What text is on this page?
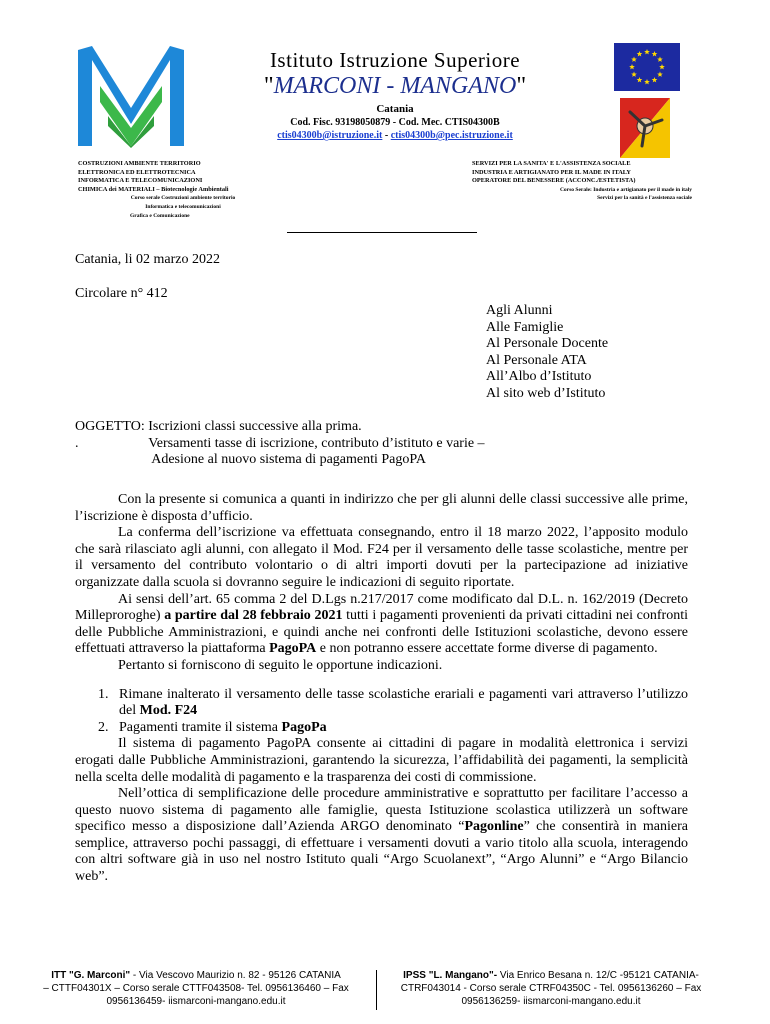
Istituto Istruzione Superiore
"MARCONI - MANGANO"
Catania
Cod. Fisc. 93198050879 - Cod. Mec. CTIS04300B
ctis04300b@istruzione.it - ctis04300b@pec.istruzione.it
COSTRUZIONI AMBIENTE TERRITORIO
ELETTRONICA ED ELETTROTECNICA
INFORMATICA E TELECOMUNICAZIONI
CHIMICA dei MATERIALI – Biotecnologie Ambientali
Corso serale Costruzioni ambiente territorio
Informatica e telecomunicazioni
Grafica e Comunicazione
SERVIZI PER LA SANITA' E L'ASSISTENZA SOCIALE
INDUSTRIA E ARTIGIANATO PER IL MADE IN ITALY
OPERATORE DEL BENESSERE (ACCONC./ESTETISTA)
Corso Serale: Industria e artigianato per il made in italy
Servizi per la sanità e l'assistenza sociale
Catania, li 02 marzo 2022
Circolare n° 412
Agli Alunni
Alle Famiglie
Al Personale Docente
Al Personale ATA
All’Albo d’Istituto
Al sito web d’Istituto
OGGETTO: Iscrizioni classi successive alla prima.
.                    Versamenti tasse di iscrizione, contributo d’istituto e varie –
Adesione al nuovo sistema di pagamenti PagoPA

Con la presente si comunica a quanti in indirizzo che per gli alunni delle classi successive alle prime, l’iscrizione è disposta d’ufficio.

La conferma dell’iscrizione va effettuata consegnando, entro il 18 marzo 2022, l’apposito modulo che sarà rilasciato agli alunni, con allegato il Mod. F24 per il versamento delle tasse scolastiche, mentre per il versamento del contributo volontario o di altri importi dovuti per la partecipazione ad iniziative organizzate dalla scuola si dovranno seguire le indicazioni di seguito riportate.

Ai sensi dell’art. 65 comma 2 del D.Lgs n.217/2017 come modificato dal D.L. n. 162/2019 (Decreto Milleproroghe) a partire dal 28 febbraio 2021 tutti i pagamenti provenienti da privati cittadini nei confronti delle Pubbliche Amministrazioni, e quindi anche nei confronti delle Istituzioni scolastiche, devono essere effettuati attraverso la piattaforma PagoPA e non potranno essere accettate forme diverse di pagamento.

Pertanto si forniscono di seguito le opportune indicazioni.

1. Rimane inalterato il versamento delle tasse scolastiche erariali e pagamenti vari attraverso l’utilizzo del Mod. F24

2. Pagamenti tramite il sistema PagoPa

Il sistema di pagamento PagoPA consente ai cittadini di pagare in modalità elettronica i servizi erogati dalle Pubbliche Amministrazioni, garantendo la sicurezza, l’affidabilità dei pagamenti, la semplicità nella scelta delle modalità di pagamento e la trasparenza dei costi di commissione.

Nell’ottica di semplificazione delle procedure amministrative e soprattutto per facilitare l’accesso a questo nuovo sistema di pagamento alle famiglie, questa Istituzione scolastica utilizzerà un software specifico messo a disposizione dall’Azienda ARGO denominato “Pagonline” che consentirà in maniera semplice, attraverso pochi passaggi, di effettuare i versamenti dovuti a vario titolo alla scuola, interagendo con altri software già in uso nel nostro Istituto quali “Argo Scuolanext”, “Argo Alunni” e “Argo Bilancio web”.

ITT "G. Marconi" - Via Vescovo Maurizio n. 82 - 95126 CATANIA
– CTTF04301X – Corso serale CTTF043508- Tel. 0956136460 – Fax
0956136459- iismarconi-mangano.edu.it
IPSS "L. Mangano"- Via Enrico Besana n. 12/C -95121 CATANIA-
CTRF043014 - Corso serale CTRF04350C - Tel. 0956136260 – Fax
0956136259- iismarconi-mangano.edu.it
